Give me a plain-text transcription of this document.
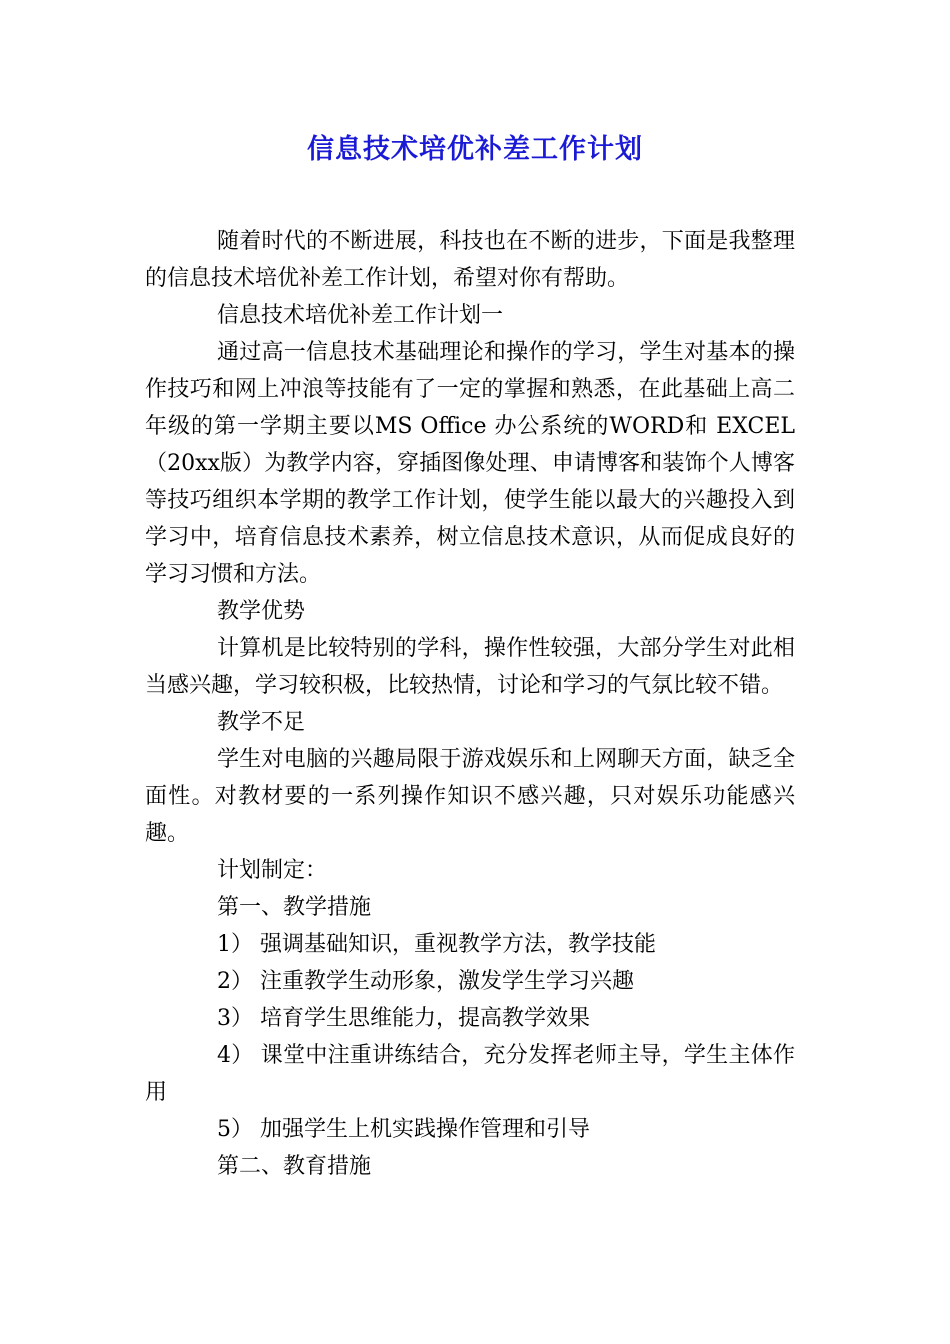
信息技术培优补差工作计划

随着时代的不断进展，科技也在不断的进步，下面是我整理的信息技术培优补差工作计划，希望对你有帮助。

信息技术培优补差工作计划一

通过高一信息技术基础理论和操作的学习，学生对基本的操作技巧和网上冲浪等技能有了一定的掌握和熟悉，在此基础上高二年级的第一学期主要以MS Office 办公系统的WORD和 EXCEL（20xx版）为教学内容，穿插图像处理、申请博客和装饰个人博客等技巧组织本学期的教学工作计划，使学生能以最大的兴趣投入到学习中，培育信息技术素养，树立信息技术意识，从而促成良好的学习习惯和方法。

教学优势

计算机是比较特别的学科，操作性较强，大部分学生对此相当感兴趣，学习较积极，比较热情，讨论和学习的气氛比较不错。

教学不足

学生对电脑的兴趣局限于游戏娱乐和上网聊天方面，缺乏全面性。对教材要的一系列操作知识不感兴趣，只对娱乐功能感兴趣。

计划制定：

第一、教学措施

1） 强调基础知识，重视教学方法，教学技能

2） 注重教学生动形象，激发学生学习兴趣

3） 培育学生思维能力，提高教学效果

4） 课堂中注重讲练结合，充分发挥老师主导，学生主体作用

5） 加强学生上机实践操作管理和引导

第二、教育措施
